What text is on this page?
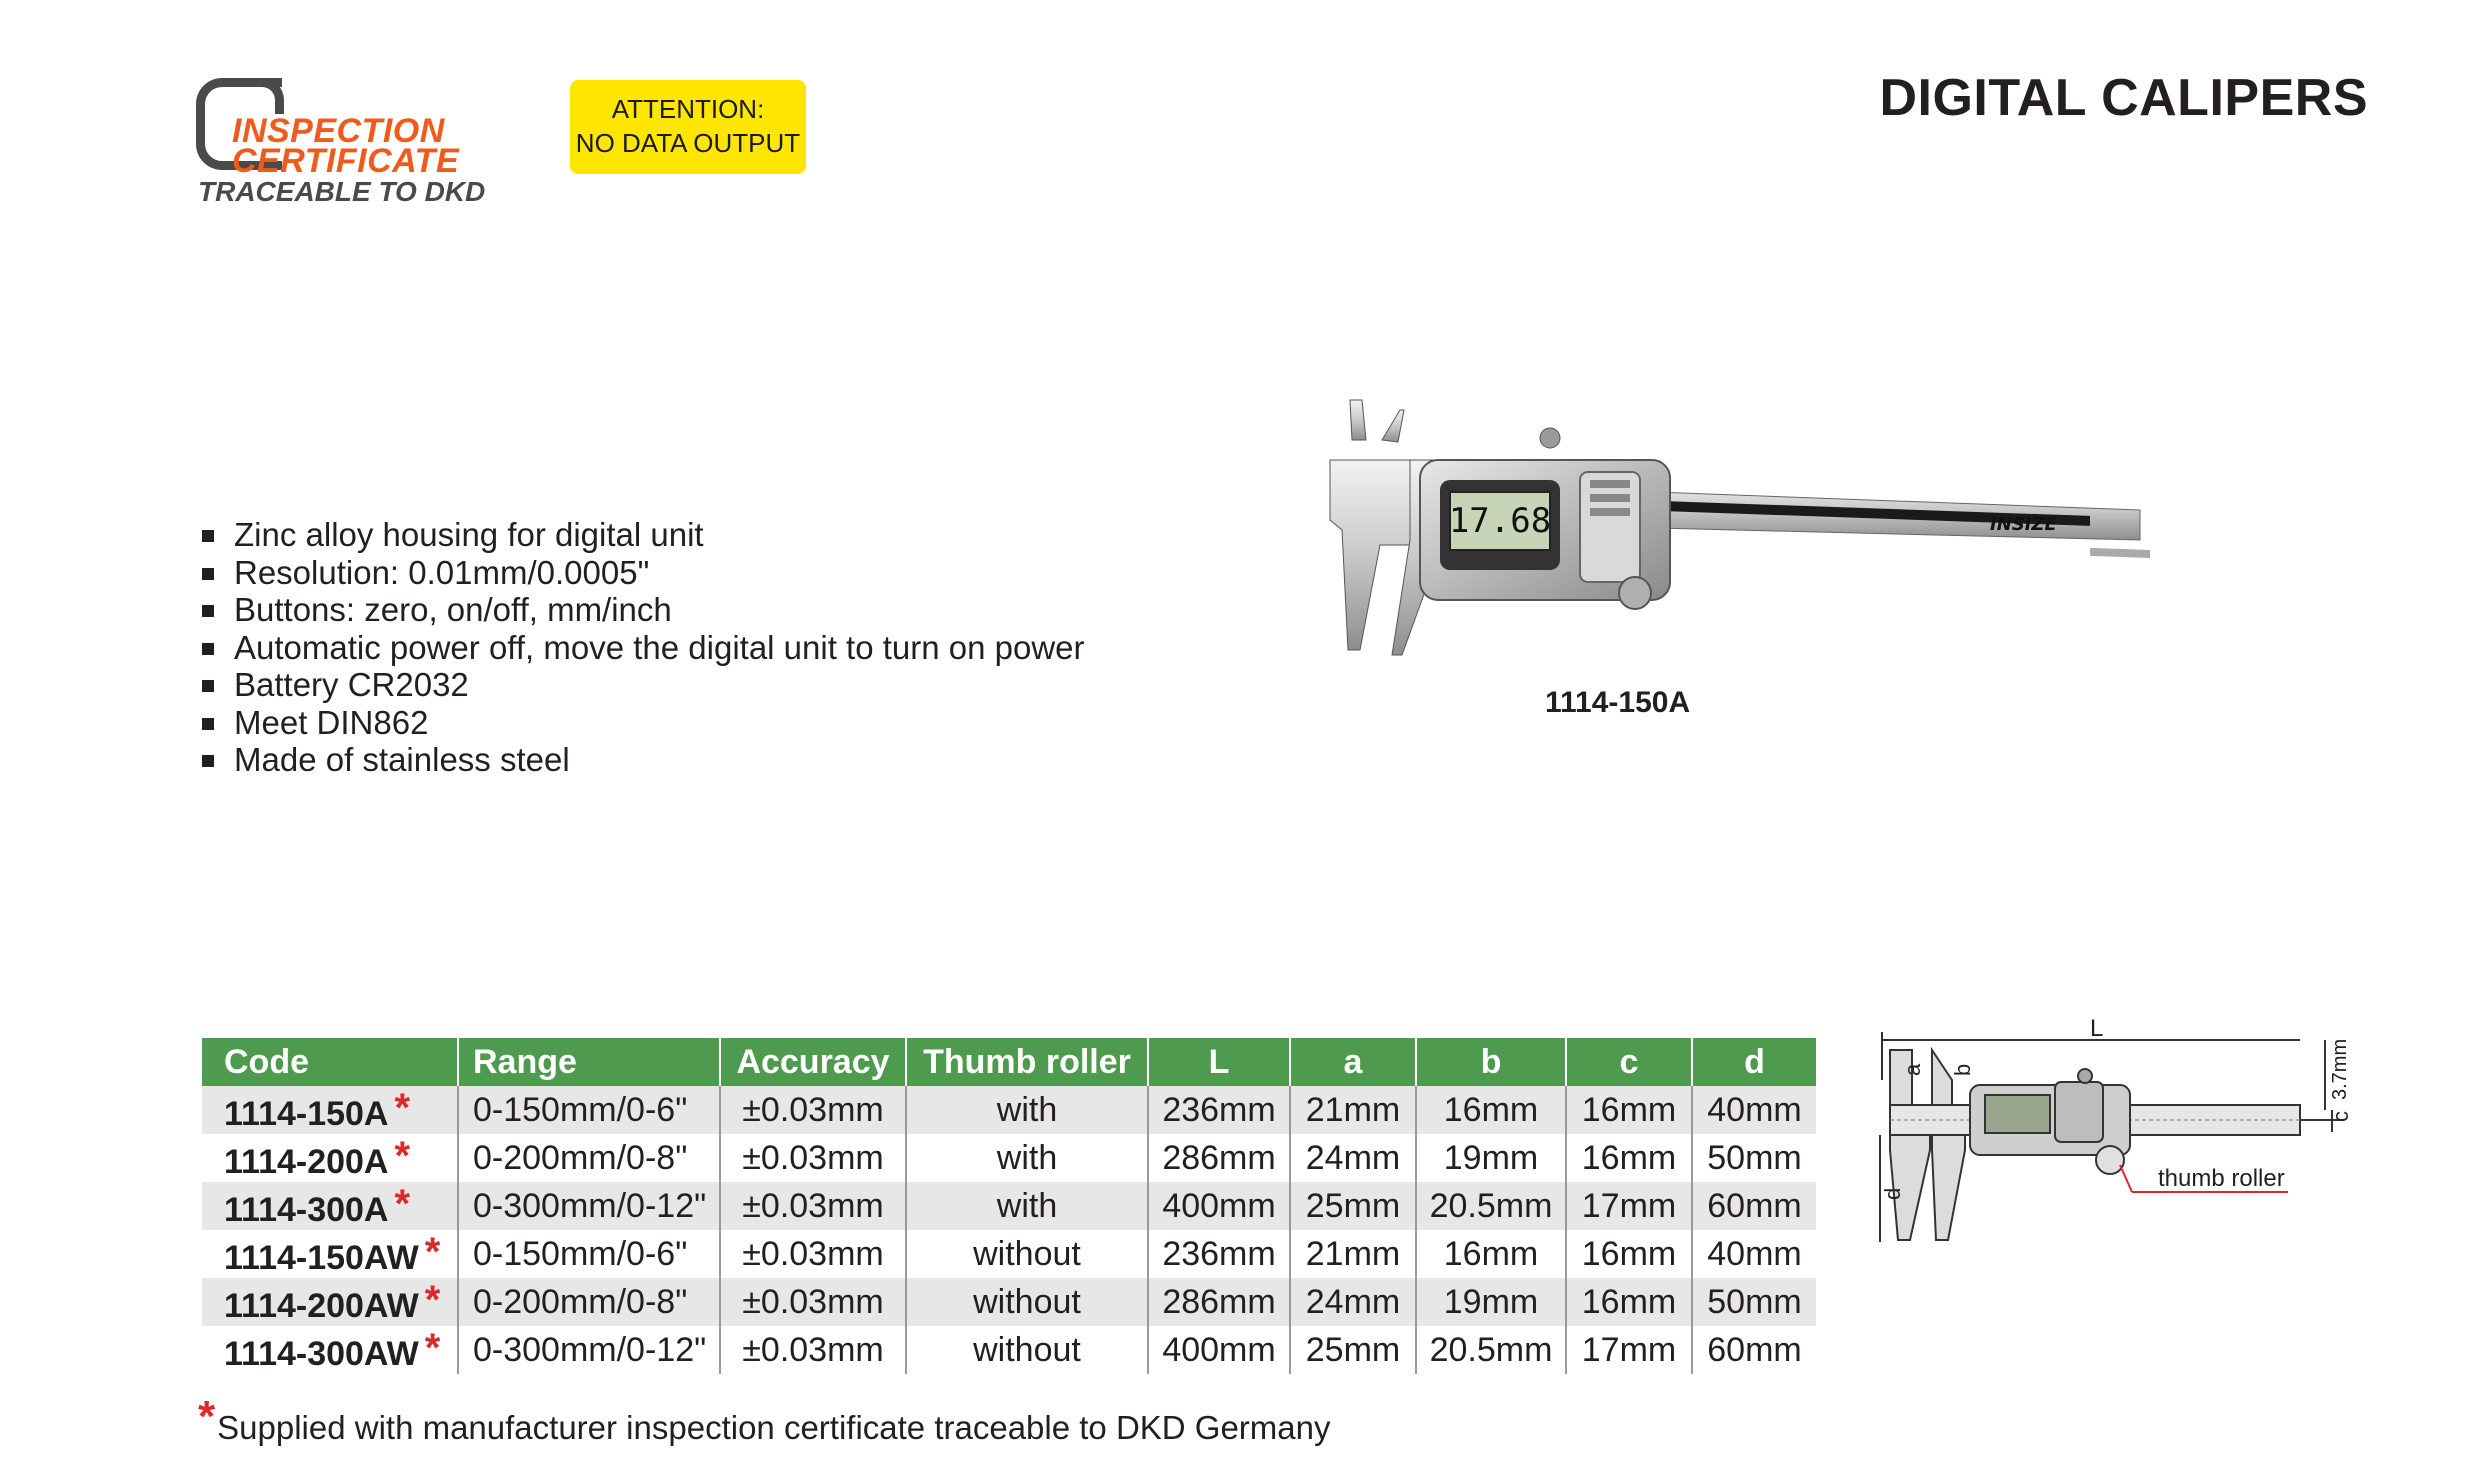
INSPECTION
CERTIFICATE
TRACEABLE TO DKD
ATTENTION:
NO DATA OUTPUT
DIGITAL CALIPERS
Zinc alloy housing for digital unit
Resolution: 0.01mm/0.0005"
Buttons: zero, on/off, mm/inch
Automatic power off, move the digital unit to turn on power
Battery CR2032
Meet DIN862
Made of stainless steel
17.68	INSIZE
1114-150A
Code	Range	Accuracy	Thumb roller	L	a	b	c	d
1114-150A *	0-150mm/0-6"	±0.03mm	with	236mm	21mm	16mm	16mm	40mm
1114-200A *	0-200mm/0-8"	±0.03mm	with	286mm	24mm	19mm	16mm	50mm
1114-300A *	0-300mm/0-12"	±0.03mm	with	400mm	25mm	20.5mm	17mm	60mm
1114-150AW *	0-150mm/0-6"	±0.03mm	without	236mm	21mm	16mm	16mm	40mm
1114-200AW *	0-200mm/0-8"	±0.03mm	without	286mm	24mm	19mm	16mm	50mm
1114-300AW *	0-300mm/0-12"	±0.03mm	without	400mm	25mm	20.5mm	17mm	60mm
*Supplied with manufacturer inspection certificate traceable to DKD Germany
L
a b
c
d
3.7mm
thumb roller
